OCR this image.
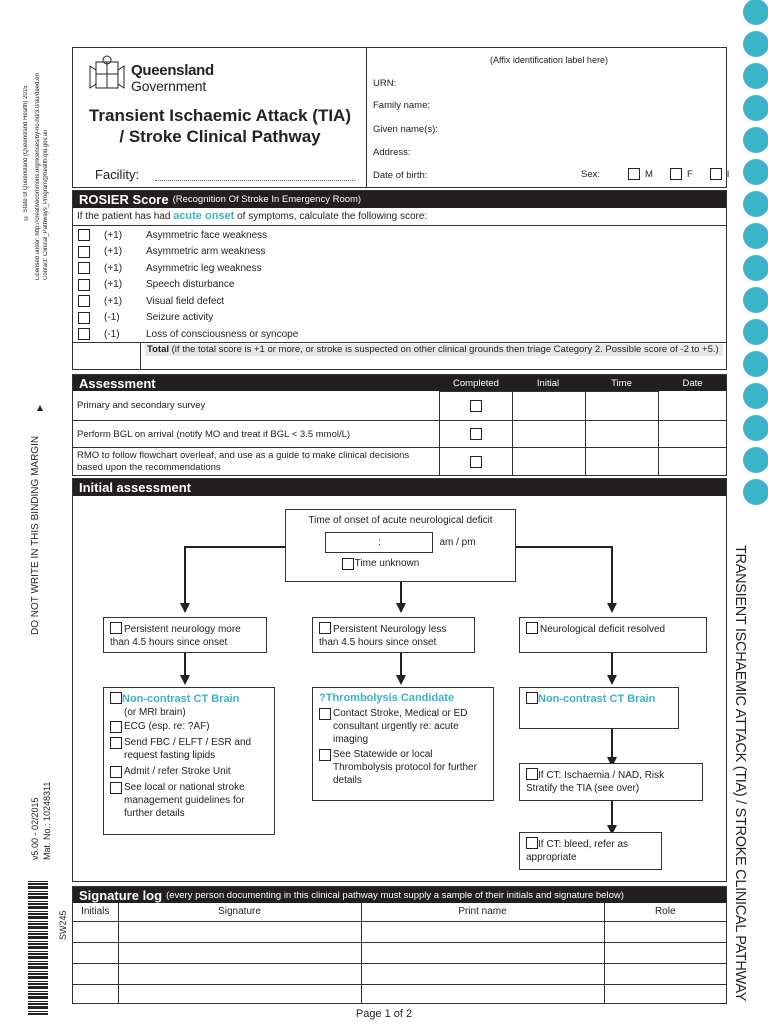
© State of Queensland (Queensland Health) 2015 Licensed under: http://creativecommons.org/licenses/by-nc-nd/3.0/au/deed.en Contact: Clinical_Pathways_Program@health.qld.gov.au
DO NOT WRITE IN THIS BINDING MARGIN
v5.00 - 02/2015 Mat. No.: 10248311
SW245	TRANSIENT ISCHAEMIC ATTACK (TIA) / STROKE CLINICAL PATHWAY
Queensland
Government
Transient Ischaemic Attack (TIA)
/ Stroke Clinical Pathway
Facility:
(Affix identification label here)
URN:
Family name:
Given name(s):
Address:
Date of birth:	Sex:	M	F	I
ROSIER Score (Recognition Of Stroke In Emergency Room)
If the patient has had acute onset of symptoms, calculate the following score:
(+1)	Asymmetric face weakness
(+1)	Asymmetric arm weakness
(+1)	Asymmetric leg weakness
(+1)	Speech disturbance
(+1)	Visual field defect
(-1)	Seizure activity
(-1)	Loss of consciousness or syncope
Total (if the total score is +1 or more, or stroke is suspected on other clinical grounds then triage Category 2. Possible score of -2 to +5.)
Assessment	Completed	Initial	Time	Date
Primary and secondary survey				
Perform BGL on arrival (notify MO and treat if BGL < 3.5 mmol/L)				
RMO to follow flowchart overleaf, and use as a guide to make clinical decisions based upon the recommendations				
Initial assessment
Time of onset of acute neurological deficit
:	am / pm
Time unknown
Persistent neurology more than 4.5 hours since onset
Persistent Neurology less than 4.5 hours since onset
Neurological deficit resolved
Non-contrast CT Brain
(or MRI brain)
ECG (esp. re: ?AF)
Send FBC / ELFT / ESR and request fasting lipids
Admit / refer Stroke Unit
See local or national stroke management guidelines for further details
?Thrombolysis Candidate
Contact Stroke, Medical or ED consultant urgently re: acute imaging
See Statewide or local Thrombolysis protocol for further details
Non-contrast CT Brain
If CT: Ischaemia / NAD, Risk Stratify the TIA (see over)
If CT: bleed, refer as appropriate
Signature log (every person documenting in this clinical pathway must supply a sample of their initials and signature below)
Initials	Signature	Print name	Role

Page 1 of 2
